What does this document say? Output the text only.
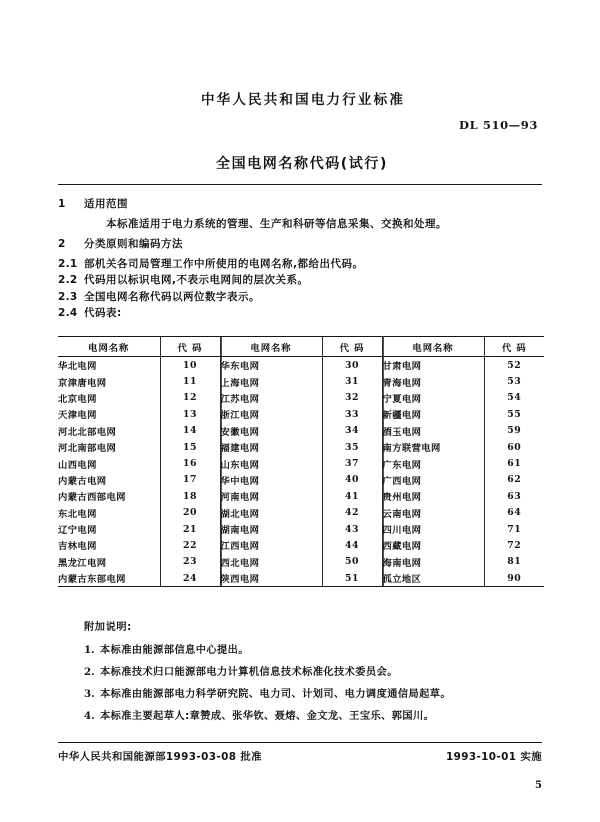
中华人民共和国电力行业标准
DL 510—93
全国电网名称代码(试行)
1	适用范围
本标准适用于电力系统的管理、生产和科研等信息采集、交换和处理。
2	分类原则和编码方法
2.1 部机关各司局管理工作中所使用的电网名称,都给出代码。
2.2 代码用以标识电网,不表示电网间的层次关系。
2.3 全国电网名称代码以两位数字表示。
2.4 代码表:
电网名称	代 码	电网名称	代 码	电网名称	代 码
华北电网	10	华东电网	30	甘肃电网	52
京津唐电网	11	上海电网	31	青海电网	53
北京电网	12	江苏电网	32	宁夏电网	54
天津电网	13	浙江电网	33	新疆电网	55
河北北部电网	14	安徽电网	34	酒玉电网	59
河北南部电网	15	福建电网	35	南方联营电网	60
山西电网	16	山东电网	37	广东电网	61
内蒙古电网	17	华中电网	40	广西电网	62
内蒙古西部电网	18	河南电网	41	贵州电网	63
东北电网	20	湖北电网	42	云南电网	64
辽宁电网	21	湖南电网	43	四川电网	71
吉林电网	22	江西电网	44	西藏电网	72
黑龙江电网	23	西北电网	50	海南电网	81
内蒙古东部电网	24	陕西电网	51	孤立地区	90
附加说明:
1. 本标准由能源部信息中心提出。
2. 本标准技术归口能源部电力计算机信息技术标准化技术委员会。
3. 本标准由能源部电力科学研究院、电力司、计划司、电力调度通信局起草。
4. 本标准主要起草人:章赞成、张华钦、聂熔、金文龙、王宝乐、郭国川。
中华人民共和国能源部1993-03-08 批准	1993-10-01 实施
5
